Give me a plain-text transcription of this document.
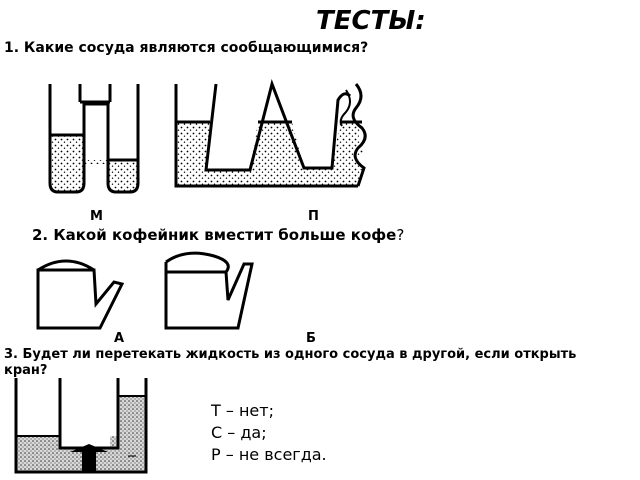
ТЕСТЫ:
1. Какие сосуда являются сообщающимися?
М	П
2. Какой кофейник вместит больше кофе?
А	Б
3. Будет ли перетекать жидкость из одного сосуда в другой, если открыть кран?
Т – нет;
С – да;
Р – не всегда.
